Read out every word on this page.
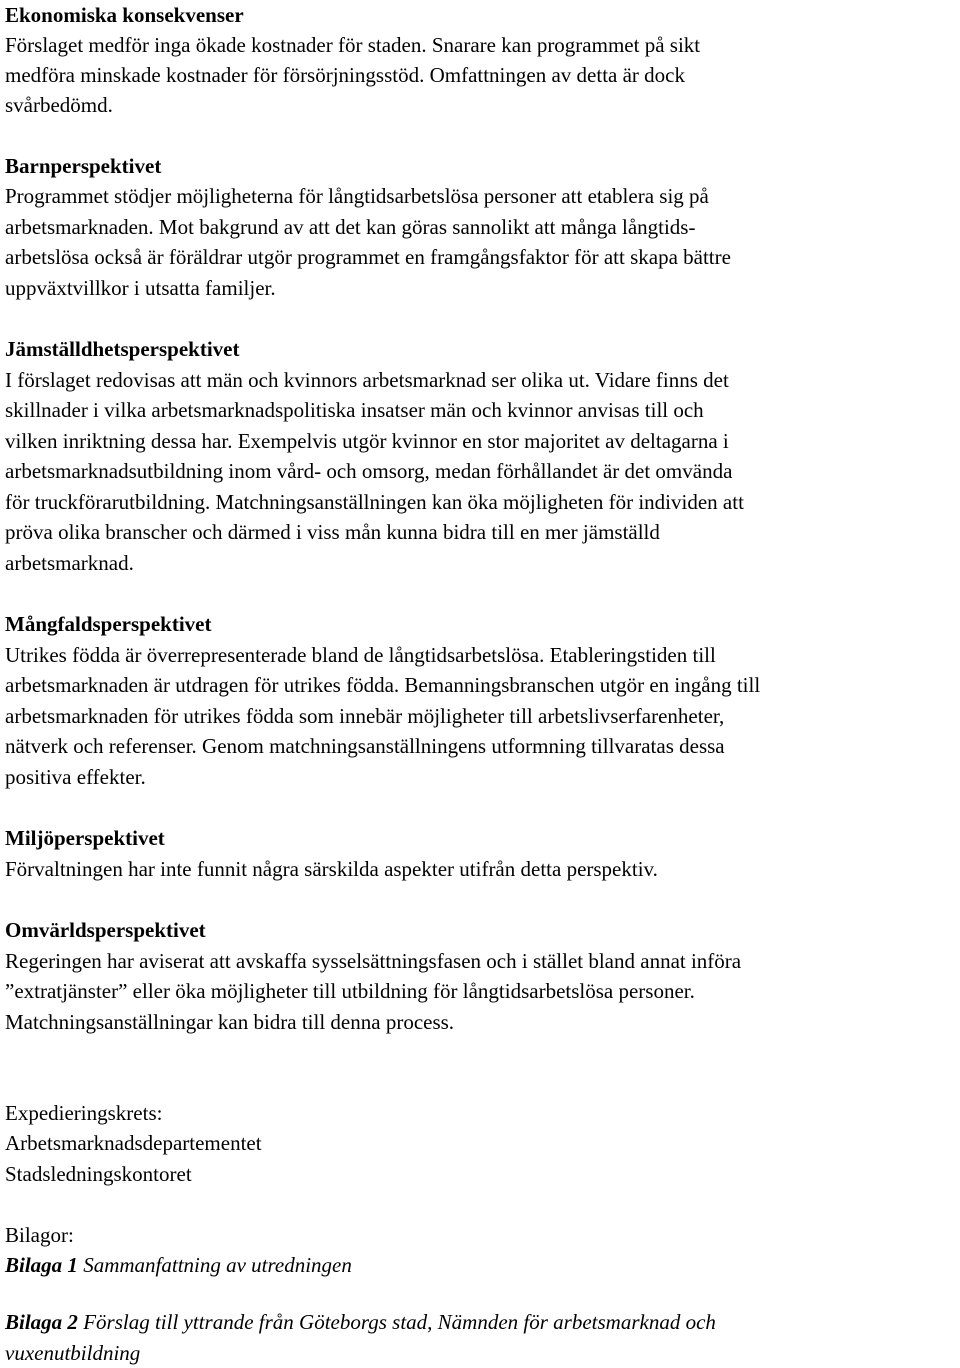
Ekonomiska konsekvenser
Förslaget medför inga ökade kostnader för staden. Snarare kan programmet på sikt
medföra minskade kostnader för försörjningsstöd. Omfattningen av detta är dock
svårbedömd.
Barnperspektivet
Programmet stödjer möjligheterna för långtidsarbetslösa personer att etablera sig på
arbetsmarknaden. Mot bakgrund av att det kan göras sannolikt att många långtids-
arbetslösa också är föräldrar utgör programmet en framgångsfaktor för att skapa bättre
uppväxtvillkor i utsatta familjer.
Jämställdhetsperspektivet
I förslaget redovisas att män och kvinnors arbetsmarknad ser olika ut. Vidare finns det
skillnader i vilka arbetsmarknadspolitiska insatser män och kvinnor anvisas till och
vilken inriktning dessa har. Exempelvis utgör kvinnor en stor majoritet av deltagarna i
arbetsmarknadsutbildning inom vård- och omsorg, medan förhållandet är det omvända
för truckförarutbildning. Matchningsanställningen kan öka möjligheten för individen att
pröva olika branscher och därmed i viss mån kunna bidra till en mer jämställd
arbetsmarknad.
Mångfaldsperspektivet
Utrikes födda är överrepresenterade bland de långtidsarbetslösa. Etableringstiden till
arbetsmarknaden är utdragen för utrikes födda. Bemanningsbranschen utgör en ingång till
arbetsmarknaden för utrikes födda som innebär möjligheter till arbetslivserfarenheter,
nätverk och referenser. Genom matchningsanställningens utformning tillvaratas dessa
positiva effekter.
Miljöperspektivet
Förvaltningen har inte funnit några särskilda aspekter utifrån detta perspektiv.
Omvärldsperspektivet
Regeringen har aviserat att avskaffa sysselsättningsfasen och i stället bland annat införa
”extratjänster” eller öka möjligheter till utbildning för långtidsarbetslösa personer.
Matchningsanställningar kan bidra till denna process.
Expedieringskrets:
Arbetsmarknadsdepartementet
Stadsledningskontoret
Bilagor:
Bilaga 1 Sammanfattning av utredningen
Bilaga 2 Förslag till yttrande från Göteborgs stad, Nämnden för arbetsmarknad och
vuxenutbildning
